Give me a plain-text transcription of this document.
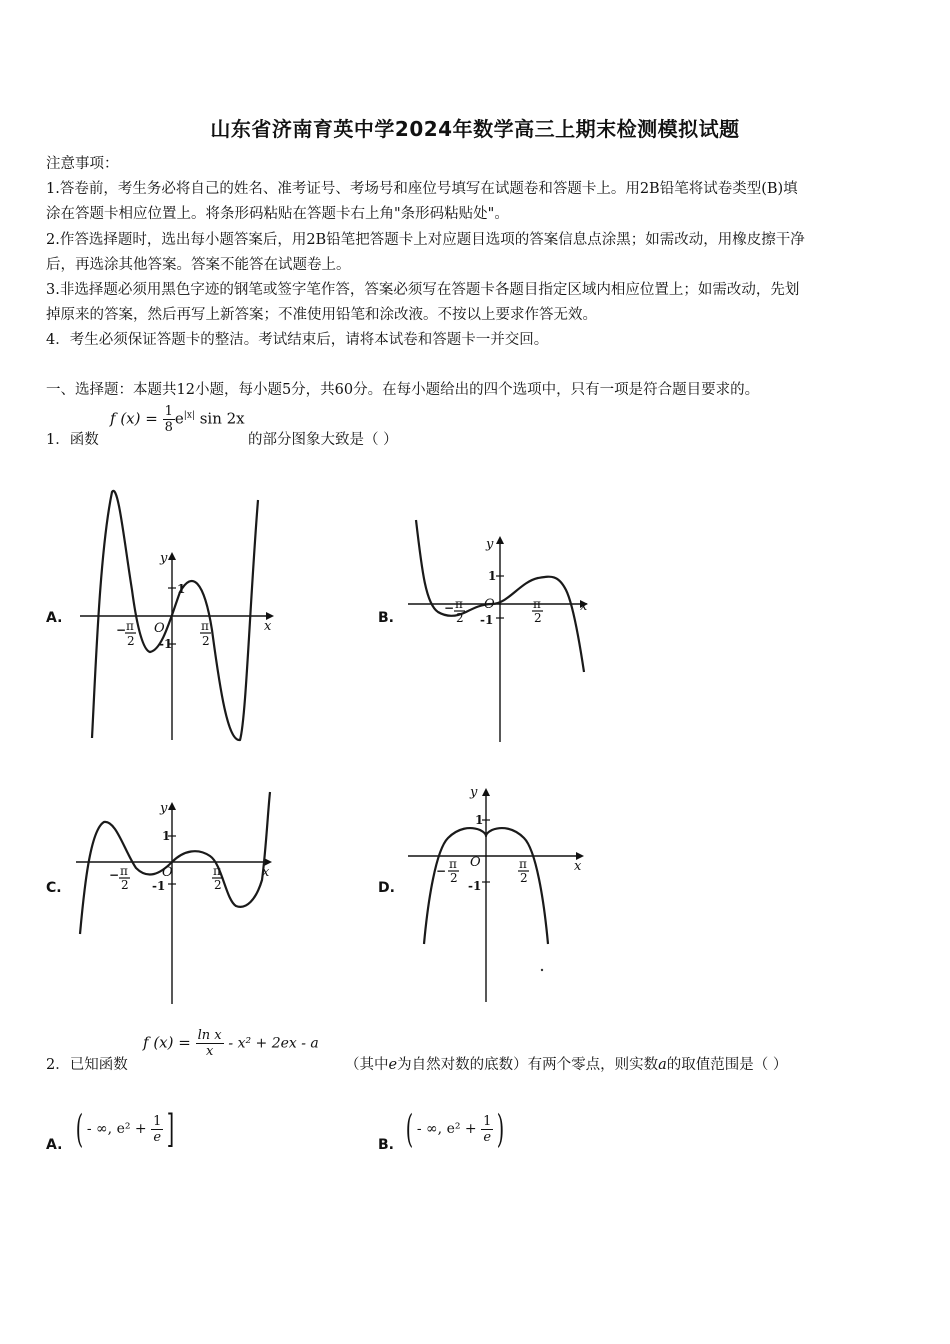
山东省济南育英中学2024年数学高三上期末检测模拟试题
注意事项：
1.答卷前，考生务必将自己的姓名、准考证号、考场号和座位号填写在试题卷和答题卡上。用2B铅笔将试卷类型(B)填
涂在答题卡相应位置上。将条形码粘贴在答题卡右上角"条形码粘贴处"。
2.作答选择题时，选出每小题答案后，用2B铅笔把答题卡上对应题目选项的答案信息点涂黑；如需改动，用橡皮擦干净
后，再选涂其他答案。答案不能答在试题卷上。
3.非选择题必须用黑色字迹的钢笔或签字笔作答，答案必须写在答题卡各题目指定区域内相应位置上；如需改动，先划
掉原来的答案，然后再写上新答案；不准使用铅笔和涂改液。不按以上要求作答无效。
4．考生必须保证答题卡的整洁。考试结束后，请将本试卷和答题卡一并交回。
一、选择题：本题共12小题，每小题5分，共60分。在每小题给出的四个选项中，只有一项是符合题目要求的。
1．函数
f $(x) = \frac{1}{8} e^{|x|}$ sin 2x
的部分图象大致是（ ）
A.
y
x
O
1
-1
− π
2
π
2
B.
y
x
O
1
-1
− π
2
π
2
C.
y
x
O
1
-1
− π
2
π
2	D.
y
x
O
1
-1
− π
2
π
2
2．已知函数
f $(x) = \frac{\text{ln x}}{x} - x^2 + 2ex - a$
（其中e为自然对数的底数）有两个零点，则实数a的取值范围是（ ）
A. ( - ∞, $e^2 + \frac{1}{e}$ ]	B. ( - ∞, $e^2 + \frac{1}{e}$ )
